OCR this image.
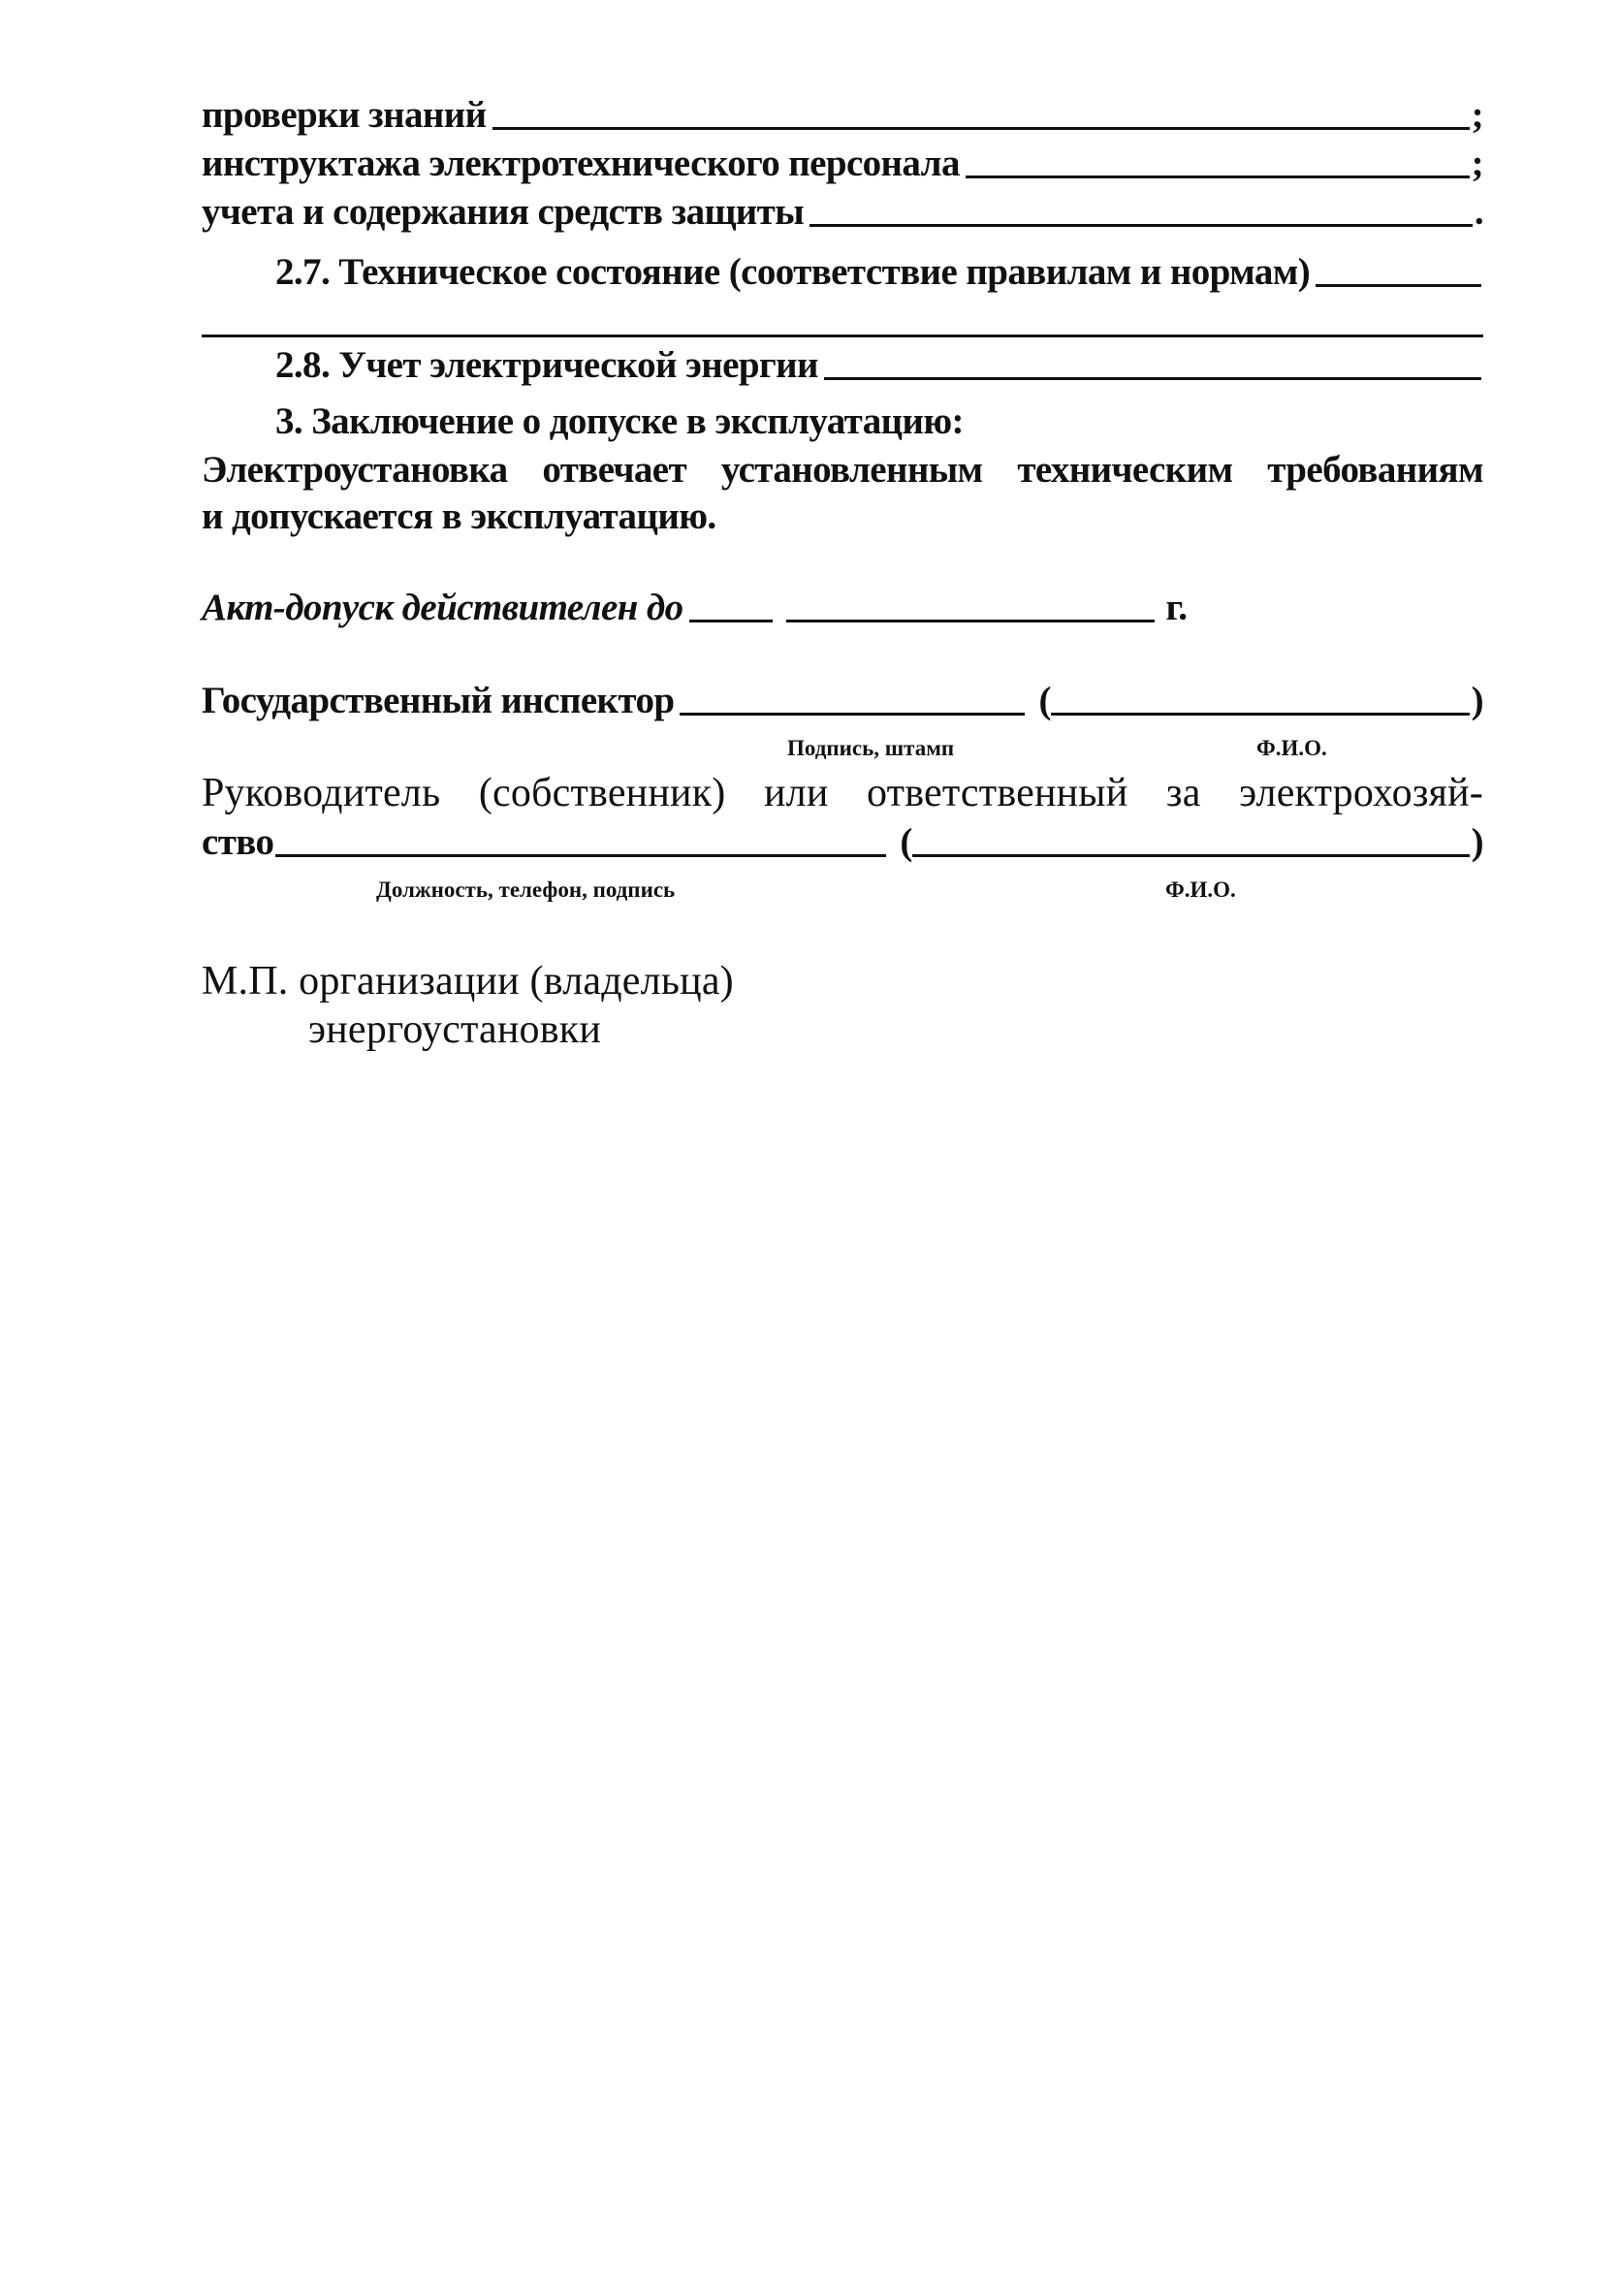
проверки знаний	;
инструктажа электротехнического персонала	;
учета и содержания средств защиты	.
2.7. Техническое состояние (соответствие правилам и нормам)
2.8. Учет электрической энергии
3. Заключение о допуске в эксплуатацию:
Электроустановка отвечает установленным техническим требованиям
и допускается в эксплуатацию.
Акт-допуск действителен до	г.
Государственный инспектор	(	)
Подпись, штамп	Ф.И.О.
Руководитель (собственник) или ответственный за электрохозяй-
ство	(	)
Должность, телефон, подпись	Ф.И.О.
М.П. организации (владельца)
энергоустановки
